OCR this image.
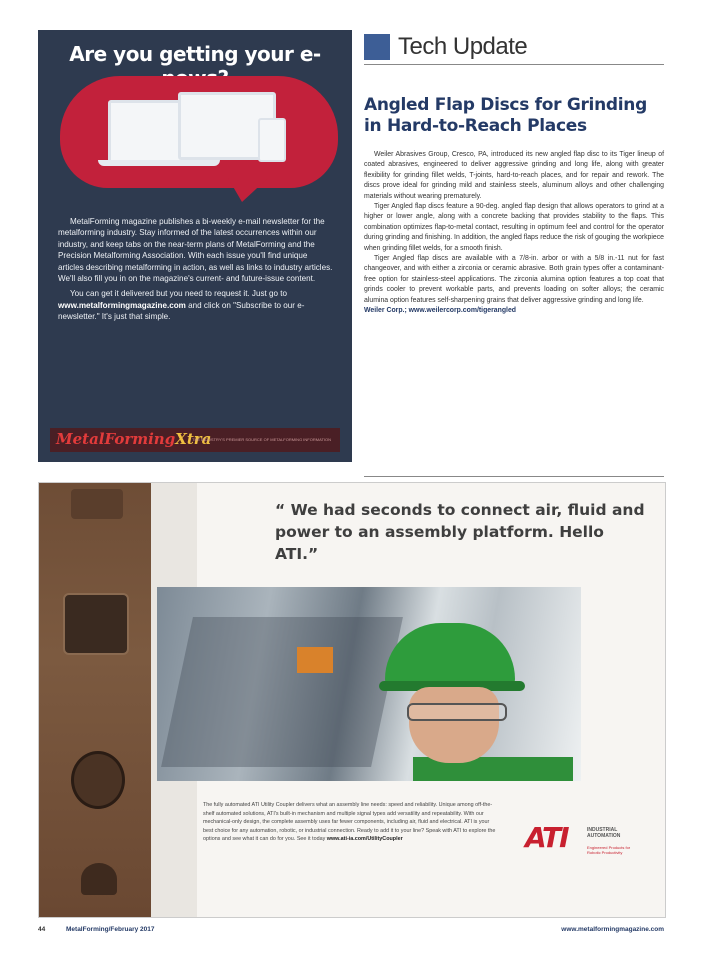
Are you getting your e-

MetalForming magazine publishes a bi-weekly e-mail newsletter for the metalforming industry. Stay informed of the latest occurrences within our industry, and keep tabs on the near-term plans of MetalForming and the Precision Metalforming Association. With each issue you'll find unique articles describing metalforming in action, as well as links to industry articles. We'll also fill you in on the magazine's current- and future-issue content.

You can get it delivered but you need to request it. Just go to www.metalformingmagazine.com and click on "Subscribe to our e-newsletter." It's just that simple.

MetalFormingXtra
THE INDUSTRY'S PREMIER SOURCE OF METALFORMING INFORMATION
Tech Update
Angled Flap Discs for Grinding in Hard-to-Reach Places

Weiler Abrasives Group, Cresco, PA, introduced its new angled flap disc to its Tiger lineup of coated abrasives, engineered to deliver aggressive grinding and long life, along with greater flexibility for grinding fillet welds, T-joints, hard-to-reach places, and for repair and rework. The discs prove ideal for grinding mild and stainless steels, aluminum alloys and other challenging materials without wearing prematurely.

Tiger Angled flap discs feature a 90-deg. angled flap design that allows operators to grind at a higher or lower angle, along with a concrete backing that provides stability to the flaps. This combination optimizes flap-to-metal contact, resulting in optimum feel and control for the operator during grinding and finishing. In addition, the angled flaps reduce the risk of gouging the workpiece when grinding fillet welds, for a smooth finish.

Tiger Angled flap discs are available with a 7/8-in. arbor or with a 5/8 in.-11 nut for fast changeover, and with either a zirconia or ceramic abrasive. Both grain types offer a contaminant-free option for stainless-steel applications. The zirconia alumina option features a top coat that grinds cooler to prevent workable parts, and prevents loading on softer alloys; the ceramic alumina option features self-sharpening grains that deliver aggressive grinding and long life.

Weiler Corp.; www.weilercorp.com/tigerangled

“ We had seconds to connect air, fluid and power to an assembly platform. Hello ATI.”
The fully automated ATI Utility Coupler delivers what an assembly line needs: speed and reliability. Unique among off-the-shelf automated solutions, ATI's built-in mechanism and multiple signal types add versatility and repeatability. With our mechanical-only design, the complete assembly uses far fewer components, including air, fluid and electrical. ATI is your best choice for any automation, robotic, or industrial connection. Ready to add it to your line? Speak with ATI to explore the options and see what it can do for you. See it today www.ati-ia.com/UtilityCoupler	ATI	INDUSTRIAL AUTOMATION
Engineered Products for Robotic Productivity
44	MetalForming/February 2017	www.metalformingmagazine.com
